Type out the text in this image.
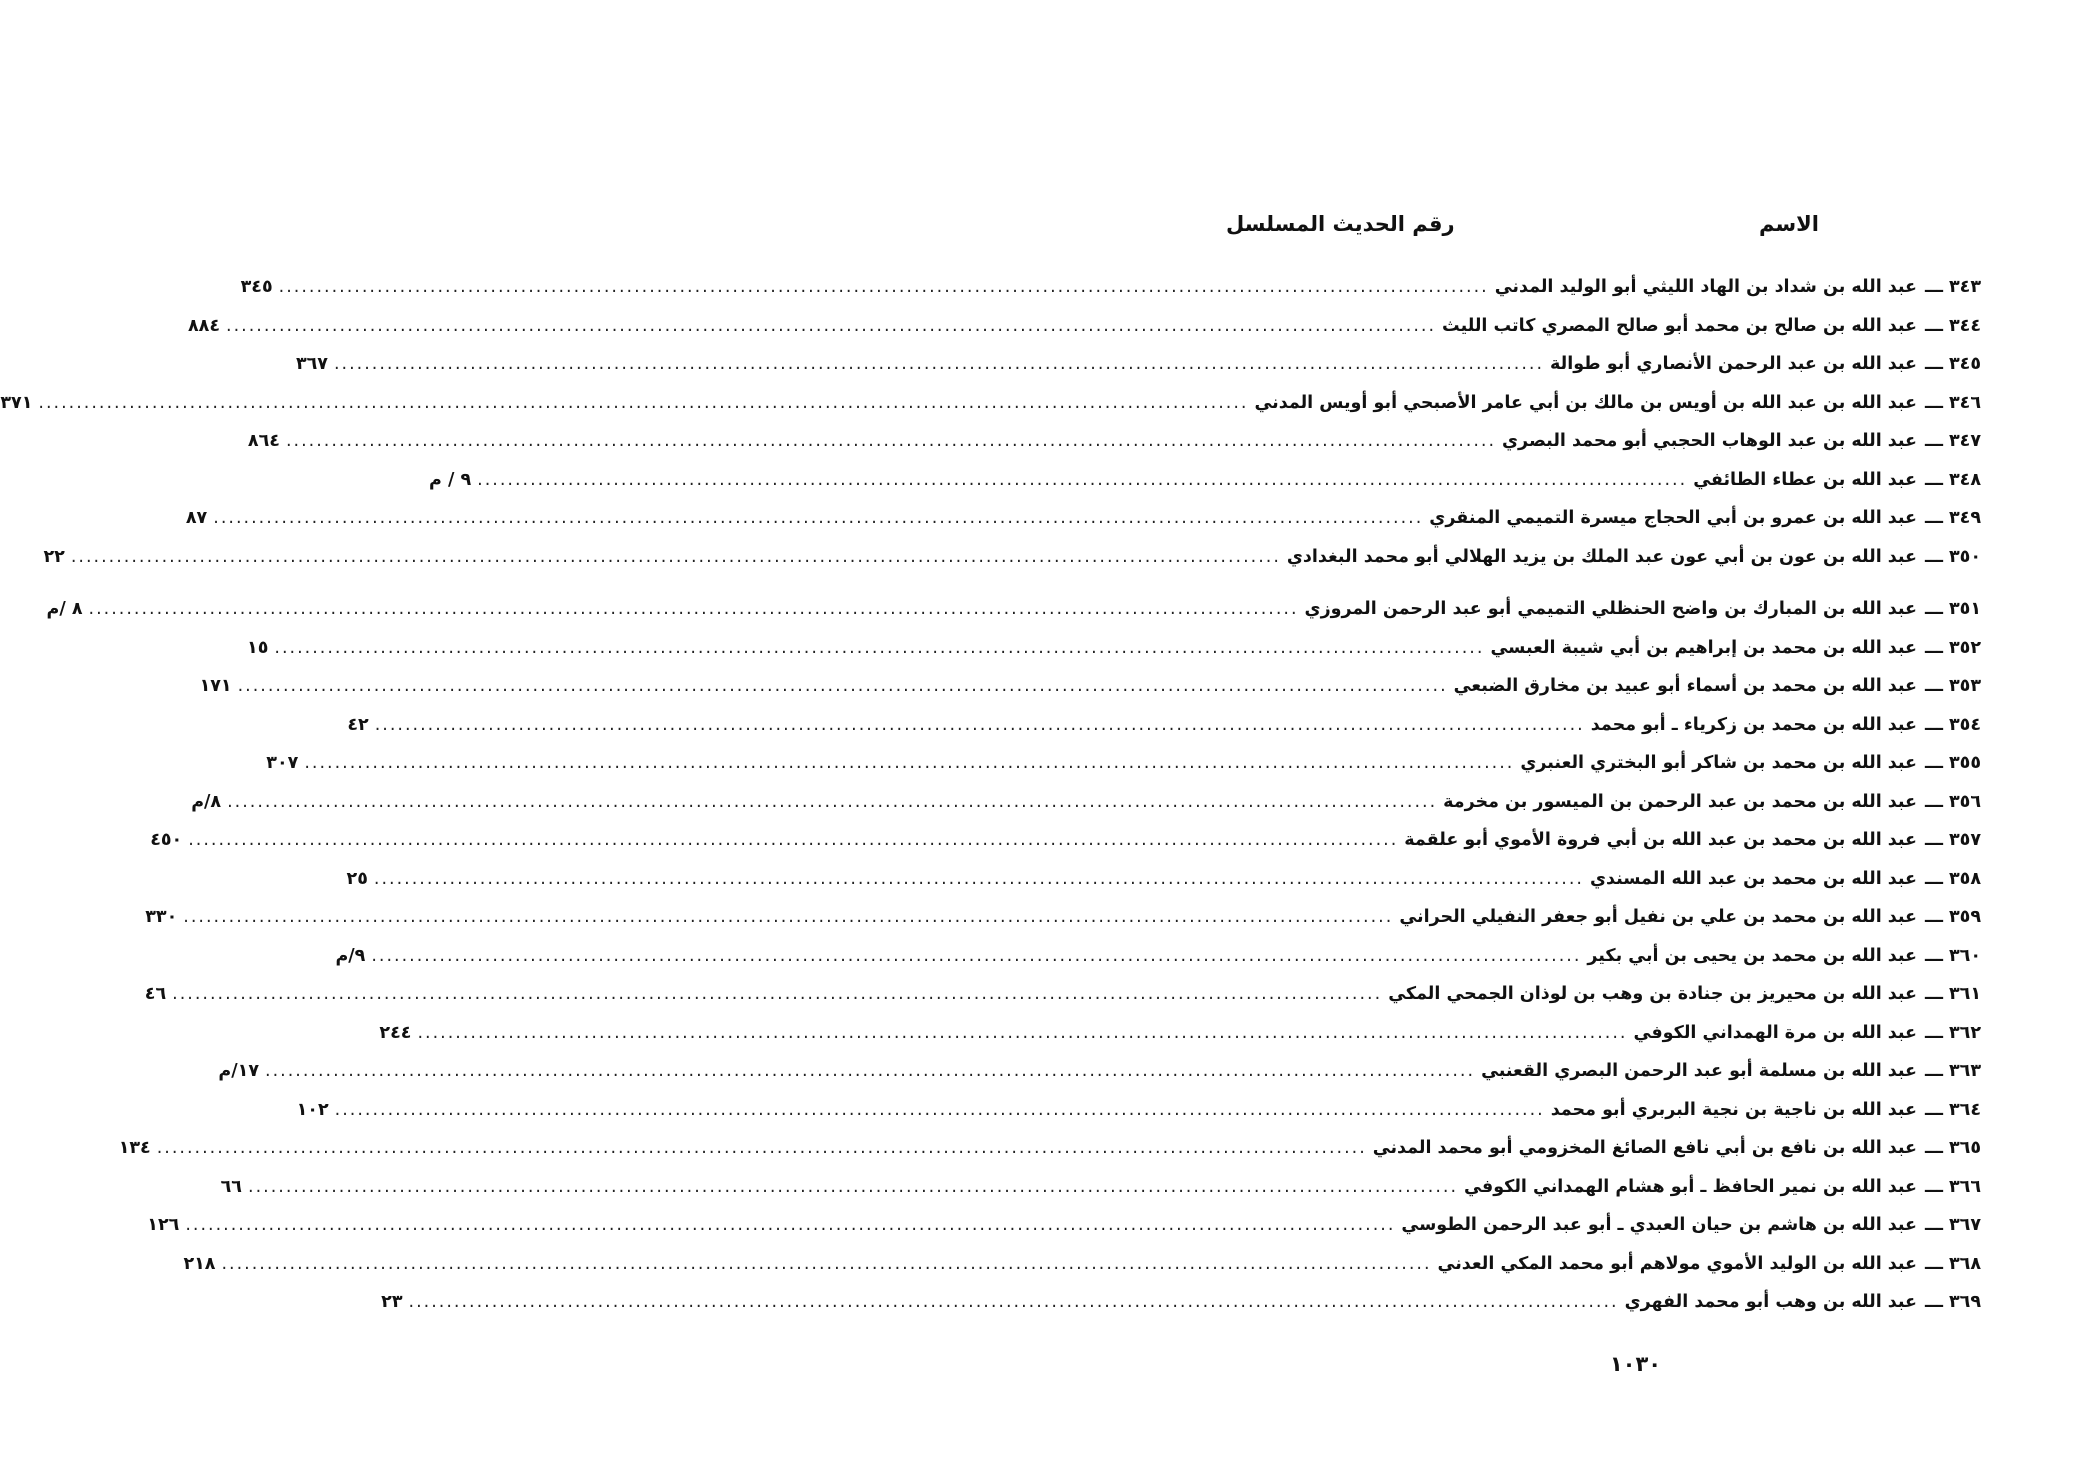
الاسم
رقم الحديث المسلسل
٣٤٣
ـــ
عبد الله بن شداد بن الهاد الليثي أبو الوليد المدني
................................................................................................................................................................
٣٤٥
٣٤٤
ـــ
عبد الله بن صالح بن محمد أبو صالح المصري كاتب الليث
................................................................................................................................................................
٨٨٤
٣٤٥
ـــ
عبد الله بن عبد الرحمن الأنصاري أبو طوالة
................................................................................................................................................................
٣٦٧
٣٤٦
ـــ
عبد الله بن عبد الله بن أويس بن مالك بن أبي عامر الأصبحي أبو أويس المدني
................................................................................................................................................................
٣٧١
٣٤٧
ـــ
عبد الله بن عبد الوهاب الحجبي أبو محمد البصري
................................................................................................................................................................
٨٦٤
٣٤٨
ـــ
عبد الله بن عطاء الطائفي
................................................................................................................................................................
٩ / م
٣٤٩
ـــ
عبد الله بن عمرو بن أبي الحجاج ميسرة التميمي المنقري
................................................................................................................................................................
٨٧
٣٥٠
ـــ
عبد الله بن عون بن أبي عون عبد الملك بن يزيد الهلالي أبو محمد البغدادي
................................................................................................................................................................
٢٢
٣٥١
ـــ
عبد الله بن المبارك بن واضح الحنظلي التميمي أبو عبد الرحمن المروزي
................................................................................................................................................................
٨ /م
٣٥٢
ـــ
عبد الله بن محمد بن إبراهيم بن أبي شيبة العبسي
................................................................................................................................................................
١٥
٣٥٣
ـــ
عبد الله بن محمد بن أسماء أبو عبيد بن مخارق الضبعي
................................................................................................................................................................
١٧١
٣٥٤
ـــ
عبد الله بن محمد بن زكرياء ـ أبو محمد
................................................................................................................................................................
٤٢
٣٥٥
ـــ
عبد الله بن محمد بن شاكر أبو البختري العنبري
................................................................................................................................................................
٣٠٧
٣٥٦
ـــ
عبد الله بن محمد بن عبد الرحمن بن الميسور بن مخرمة
................................................................................................................................................................
٨/م
٣٥٧
ـــ
عبد الله بن محمد بن عبد الله بن أبي فروة الأموي أبو علقمة
................................................................................................................................................................
٤٥٠
٣٥٨
ـــ
عبد الله بن محمد بن عبد الله المسندي
................................................................................................................................................................
٢٥
٣٥٩
ـــ
عبد الله بن محمد بن علي بن نفيل أبو جعفر النفيلي الحراني
................................................................................................................................................................
٣٣٠
٣٦٠
ـــ
عبد الله بن محمد بن يحيى بن أبي بكير
................................................................................................................................................................
٩/م
٣٦١
ـــ
عبد الله بن محيريز بن جنادة بن وهب بن لوذان الجمحي المكي
................................................................................................................................................................
٤٦
٣٦٢
ـــ
عبد الله بن مرة الهمداني الكوفي
................................................................................................................................................................
٢٤٤
٣٦٣
ـــ
عبد الله بن مسلمة أبو عبد الرحمن البصري القعنبي
................................................................................................................................................................
١٧/م
٣٦٤
ـــ
عبد الله بن ناجية بن نجية البربري أبو محمد
................................................................................................................................................................
١٠٢
٣٦٥
ـــ
عبد الله بن نافع بن أبي نافع الصائغ المخزومي أبو محمد المدني
................................................................................................................................................................
١٣٤
٣٦٦
ـــ
عبد الله بن نمير الحافظ ـ أبو هشام الهمداني الكوفي
................................................................................................................................................................
٦٦
٣٦٧
ـــ
عبد الله بن هاشم بن حيان العبدي ـ أبو عبد الرحمن الطوسي
................................................................................................................................................................
١٢٦
٣٦٨
ـــ
عبد الله بن الوليد الأموي مولاهم أبو محمد المكي العدني
................................................................................................................................................................
٢١٨
٣٦٩
ـــ
عبد الله بن وهب أبو محمد الفهري
................................................................................................................................................................
٢٣
١٠٣٠
